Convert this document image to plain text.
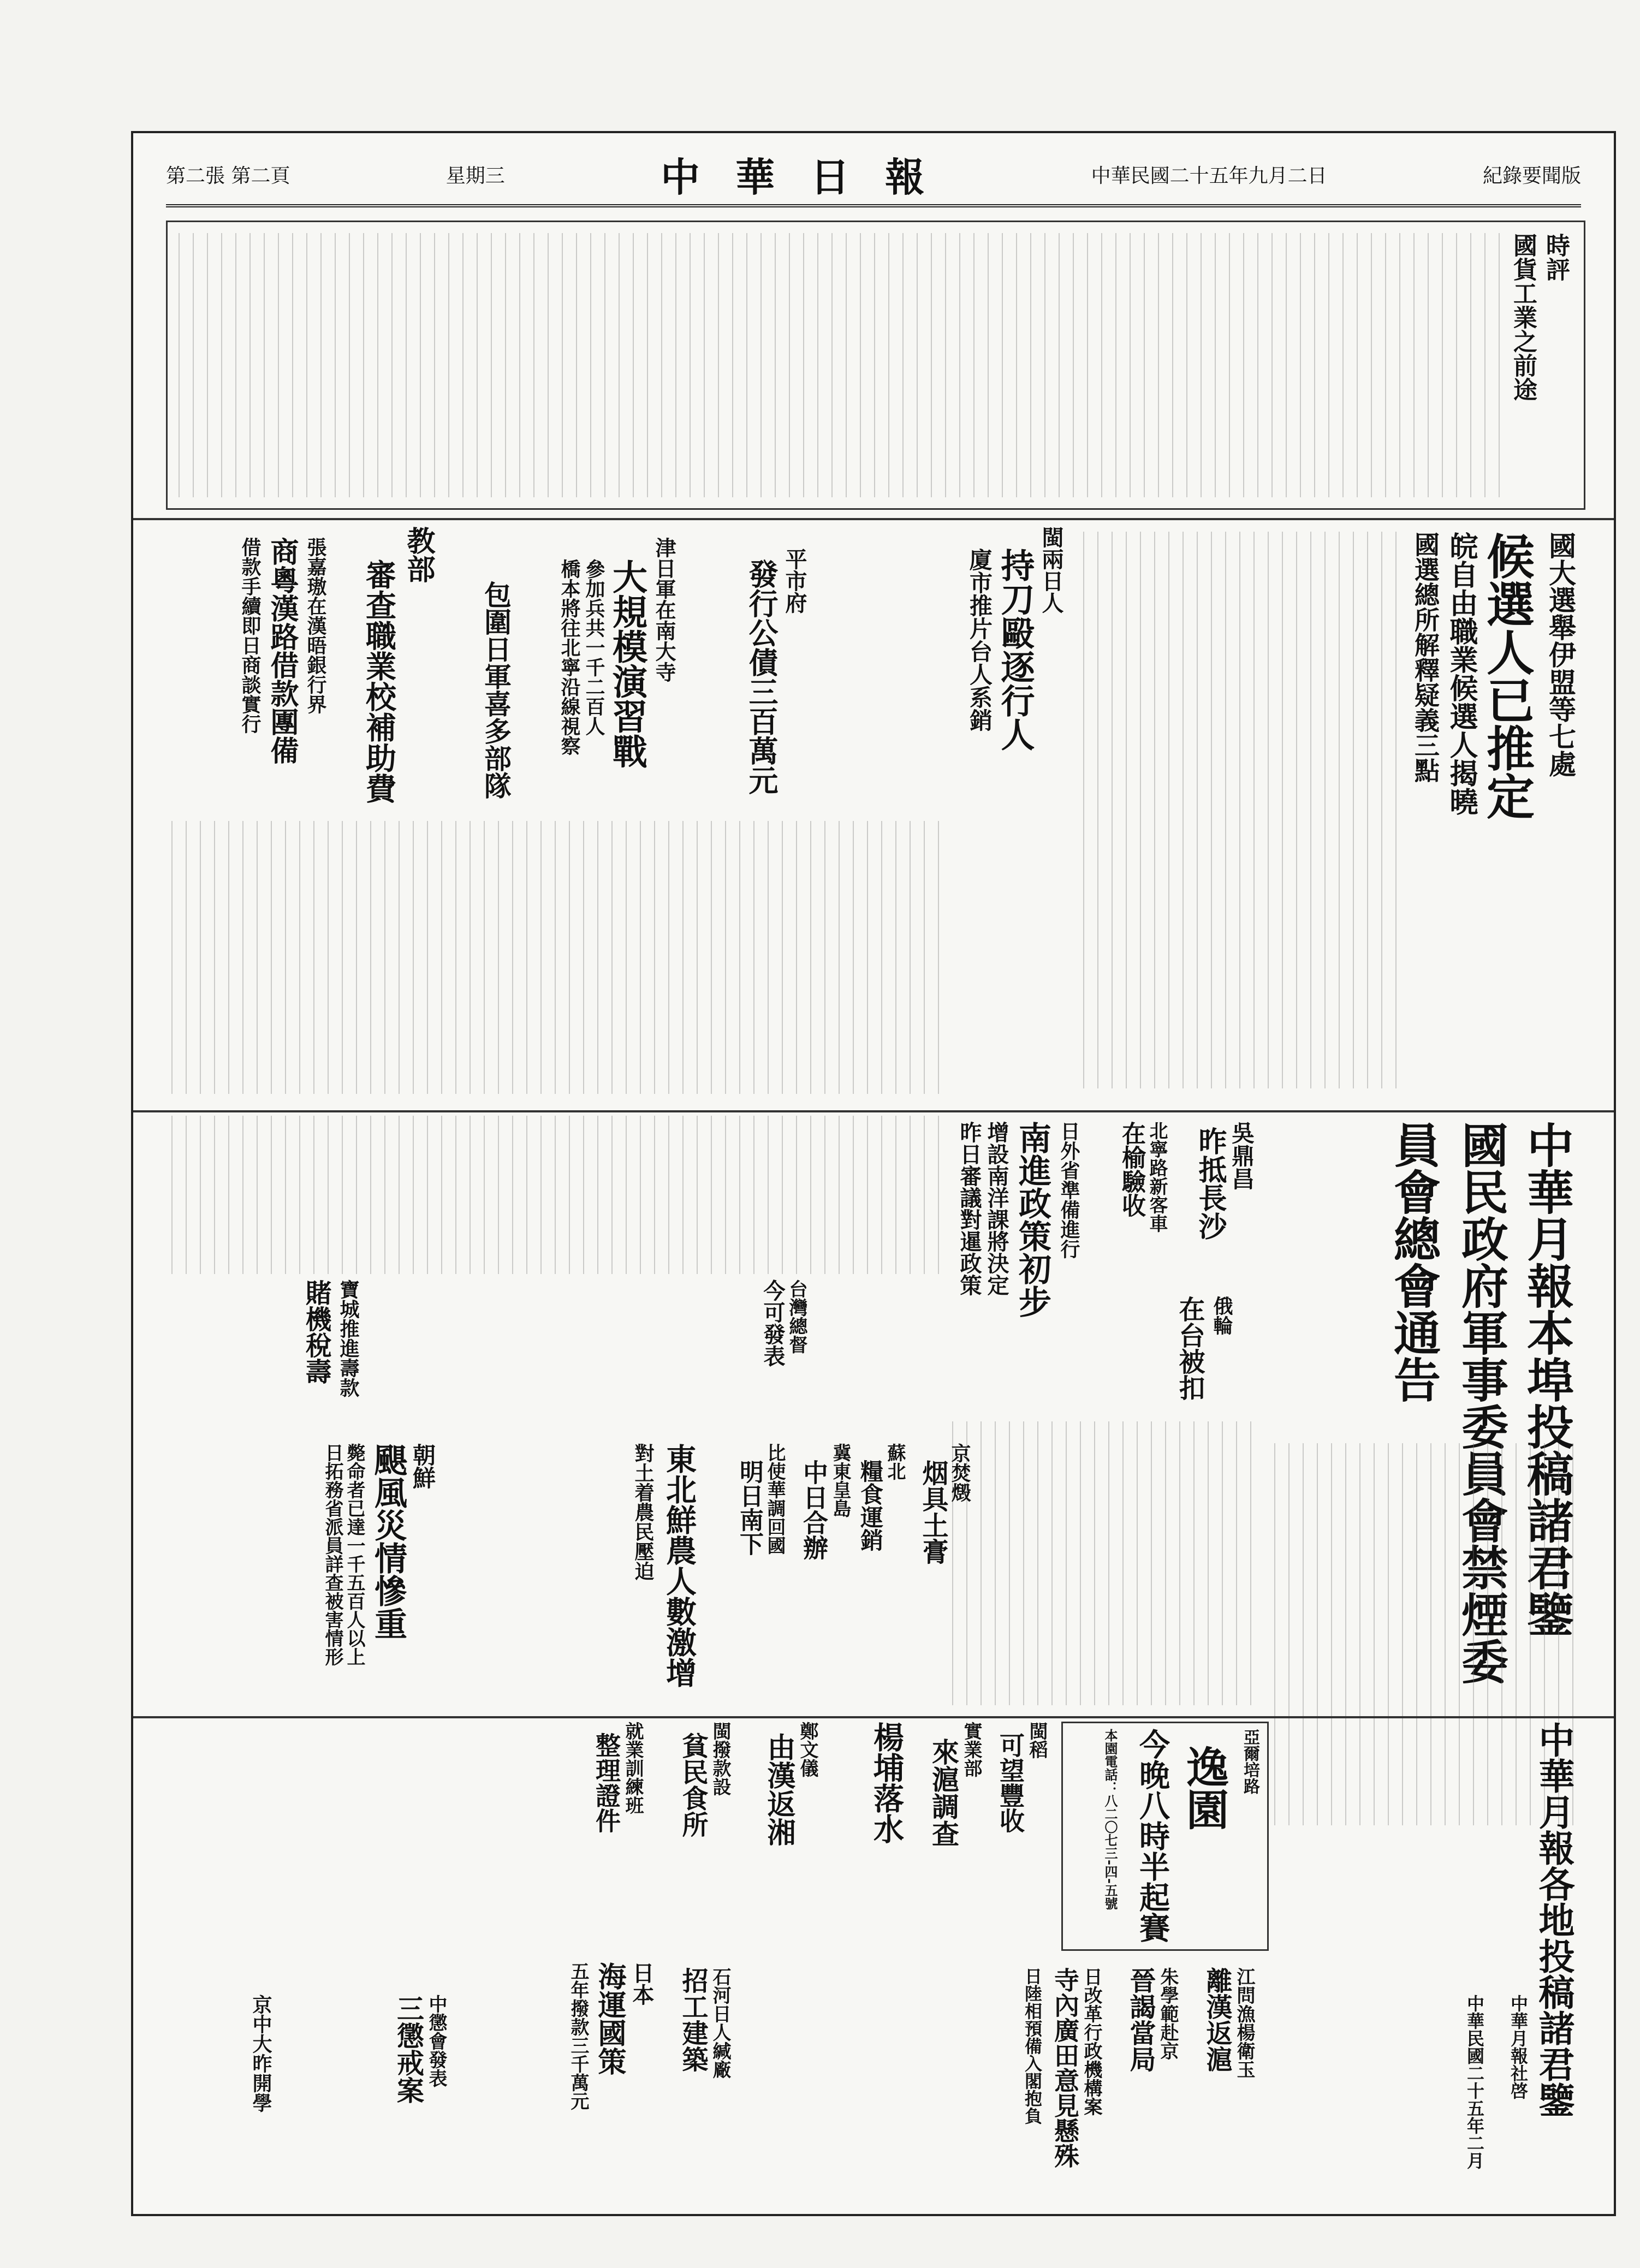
紀錄要聞版
中華民國二十五年九月二日
中 華 日 報
星期三
第二張 第二頁
時評
國貨工業之前途
國大選舉伊盟等七處
候選人已推定
皖自由職業候選人揭曉
國選總所解釋疑義三點
閩兩日人
持刀毆逐行人
廈市推片台人系銷
平市府
發行公債三百萬元
津日軍在南大寺
大規模演習戰
參加兵共一千二百人
橋本將往北寧沿線視察
包圍日軍喜多部隊
教部
審查職業校補助費
張嘉璈在漢晤銀行界
商粵漢路借款團備
借款手續即日商談實行
中華月報本埠投稿諸君鑒
國民政府軍事委員會禁煙委員會總會通告
吳鼎昌
昨抵長沙
北寧路新客車
在榆驗收
日外省準備進行
南進政策初步
增設南洋課將決定
昨日審議對暹政策
俄輪
在台被扣
台灣總督
今可發表
寶城推進壽款
賭機稅壽
京焚燬
烟具土膏
蘇北
糧食運銷
冀東皇島
中日合辦
比使華調回國
明日南下
東北鮮農人數激增
對土着農民壓迫
朝鮮
颶風災情慘重
斃命者已達一千五百人以上
日拓務省派員詳查被害情形
中華月報各地投稿諸君鑒
中華月報社啓
中華民國二十五年二月
亞爾培路
逸園
今晚八時半起賽
本園電話：八二〇七三-四-五號
閩稻
可望豐收
實業部
來滬調查
楊埔落水
鄭文儀
由漢返湘
閩撥款設
貧民食所
就業訓練班
整理證件
江問漁楊衛玉
離漢返滬
朱學範赴京
晉謁當局
日改革行政機構案
寺內廣田意見懸殊
日陸相預備入閣抱負
石河日人緘廠
招工建築
日本
海運國策
五年撥款三千萬元
中懲會發表
三懲戒案
京中大昨開學
